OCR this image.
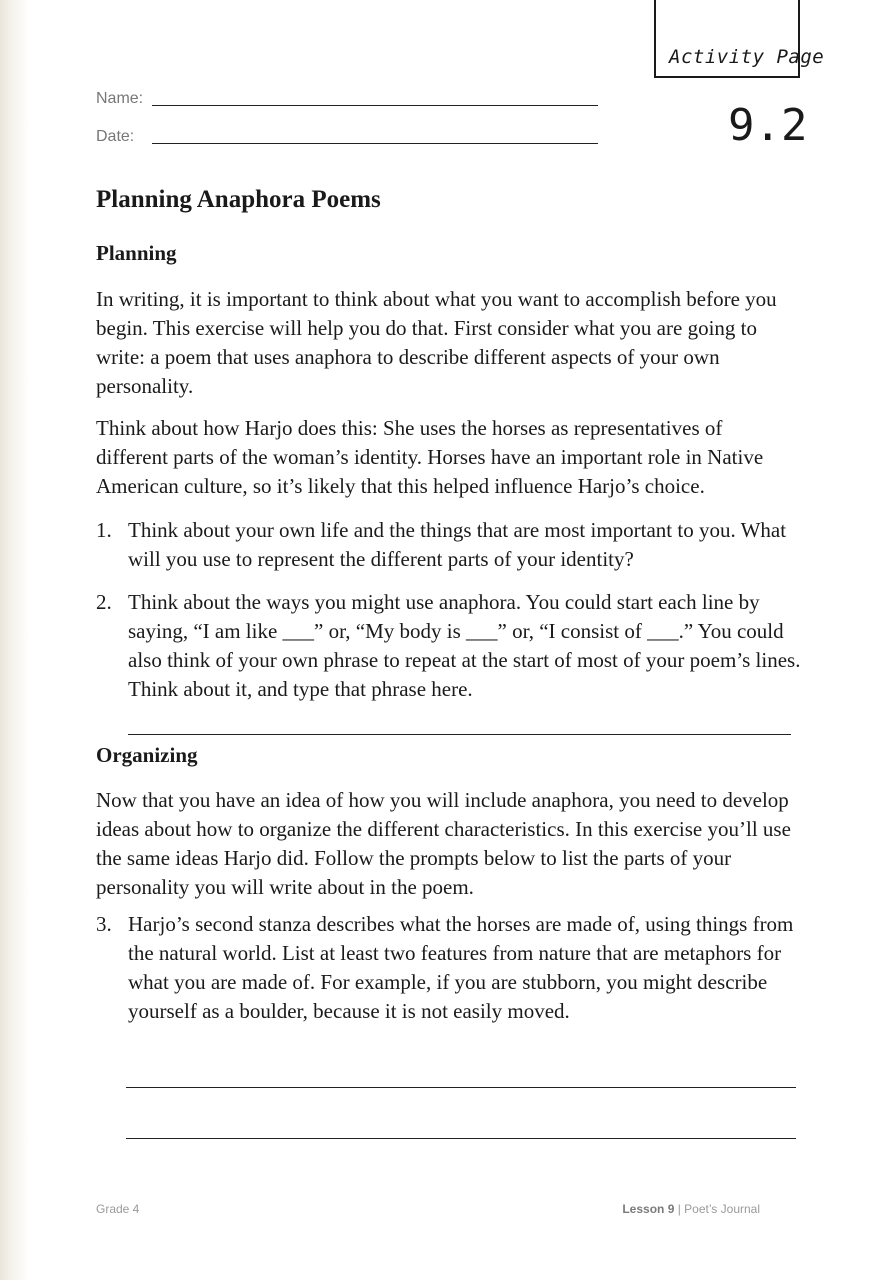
Activity Page
9.2
Name:
Date:
Planning Anaphora Poems
Planning

In writing, it is important to think about what you want to accomplish before you begin. This exercise will help you do that. First consider what you are going to write: a poem that uses anaphora to describe different aspects of your own personality.

Think about how Harjo does this: She uses the horses as representatives of different parts of the woman’s identity. Horses have an important role in Native American culture, so it’s likely that this helped influence Harjo’s choice.

1. Think about your own life and the things that are most important to you. What will you use to represent the different parts of your identity?
2. Think about the ways you might use anaphora. You could start each line by saying, “I am like ___” or, “My body is ___” or, “I consist of ___.” You could also think of your own phrase to repeat at the start of most of your poem’s lines. Think about it, and type that phrase here.
Organizing

Now that you have an idea of how you will include anaphora, you need to develop ideas about how to organize the different characteristics. In this exercise you’ll use the same ideas Harjo did. Follow the prompts below to list the parts of your personality you will write about in the poem.

3. Harjo’s second stanza describes what the horses are made of, using things from the natural world. List at least two features from nature that are metaphors for what you are made of. For example, if you are stubborn, you might describe yourself as a boulder, because it is not easily moved.
Grade 4	Lesson 9 | Poet’s Journal
